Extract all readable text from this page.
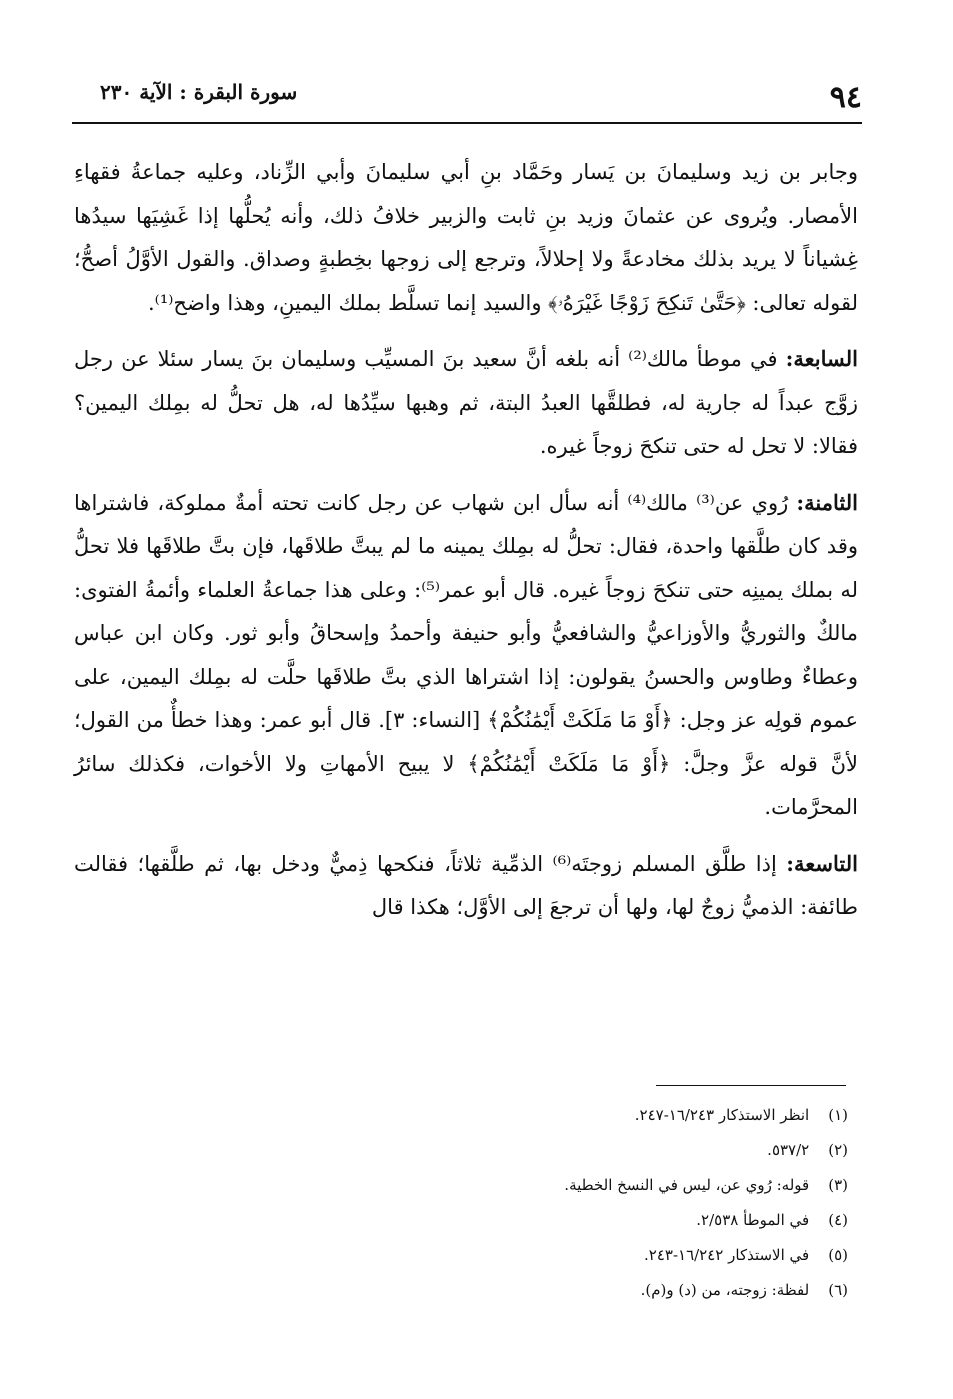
٩٤
سورة البقرة : الآية ٢٣٠

وجابر بن زيد وسليمانَ بن يَسار وحَمَّاد بنِ أبي سليمانَ وأبي الزِّناد، وعليه جماعةُ فقهاءِ الأمصار. ويُروى عن عثمانَ وزيد بنِ ثابت والزبير خلافُ ذلك، وأنه يُحلُّها إذا غَشِيَها سيدُها غِشياناً لا يريد بذلك مخادعةً ولا إحلالاً، وترجع إلى زوجها بخِطبةٍ وصداق. والقول الأوَّلُ أصحُّ؛ لقوله تعالى: ﴿حَتَّىٰ تَنكِحَ زَوْجًا غَيْرَهُۥ﴾ والسيد إنما تسلَّط بملك اليمينِ، وهذا واضح⁽¹⁾.

السابعة: في موطأ مالك⁽²⁾ أنه بلغه أنَّ سعيد بنَ المسيِّب وسليمان بنَ يسار سئلا عن رجل زوَّج عبداً له جارية له، فطلقَّها العبدُ البتة، ثم وهبها سيِّدُها له، هل تحلُّ له بمِلك اليمين؟ فقالا: لا تحل له حتى تنكحَ زوجاً غيره.

الثامنة: رُوي عن⁽³⁾ مالك⁽⁴⁾ أنه سأل ابن شهاب عن رجل كانت تحته أمةٌ مملوكة، فاشتراها وقد كان طلَّقها واحدة، فقال: تحلُّ له بمِلك يمينه ما لم يبتَّ طلاقَها، فإن بتَّ طلاقَها فلا تحلُّ له بملك يمينِه حتى تنكحَ زوجاً غيره. قال أبو عمر⁽⁵⁾: وعلى هذا جماعةُ العلماء وأئمةُ الفتوى: مالكٌ والثوريُّ والأوزاعيُّ والشافعيُّ وأبو حنيفة وأحمدُ وإسحاقُ وأبو ثور. وكان ابن عباس وعطاءٌ وطاوس والحسنُ يقولون: إذا اشتراها الذي بتَّ طلاقَها حلَّت له بمِلك اليمين، على عموم قولِه عز وجل: ﴿أَوْ مَا مَلَكَتْ أَيْمَٰنُكُمْ﴾ [النساء: ٣]. قال أبو عمر: وهذا خطأٌ من القول؛ لأنَّ قوله عزَّ وجلَّ: ﴿أَوْ مَا مَلَكَتْ أَيْمَٰنُكُمْ﴾ لا يبيح الأمهاتِ ولا الأخوات، فكذلك سائرُ المحرَّمات.

التاسعة: إذا طلَّق المسلم زوجتَه⁽⁶⁾ الذمِّية ثلاثاً، فنكحها ذِميٌّ ودخل بها، ثم طلَّقها؛ فقالت طائفة: الذميُّ زوجٌ لها، ولها أن ترجعَ إلى الأوَّل؛ هكذا قال

(١) انظر الاستذكار ١٦/٢٤٣-٢٤٧.
(٢) ٥٣٧/٢.
(٣) قوله: رُوي عن، ليس في النسخ الخطية.
(٤) في الموطأ ٢/٥٣٨.
(٥) في الاستذكار ١٦/٢٤٢-٢٤٣.
(٦) لفظة: زوجته، من (د) و(م).
